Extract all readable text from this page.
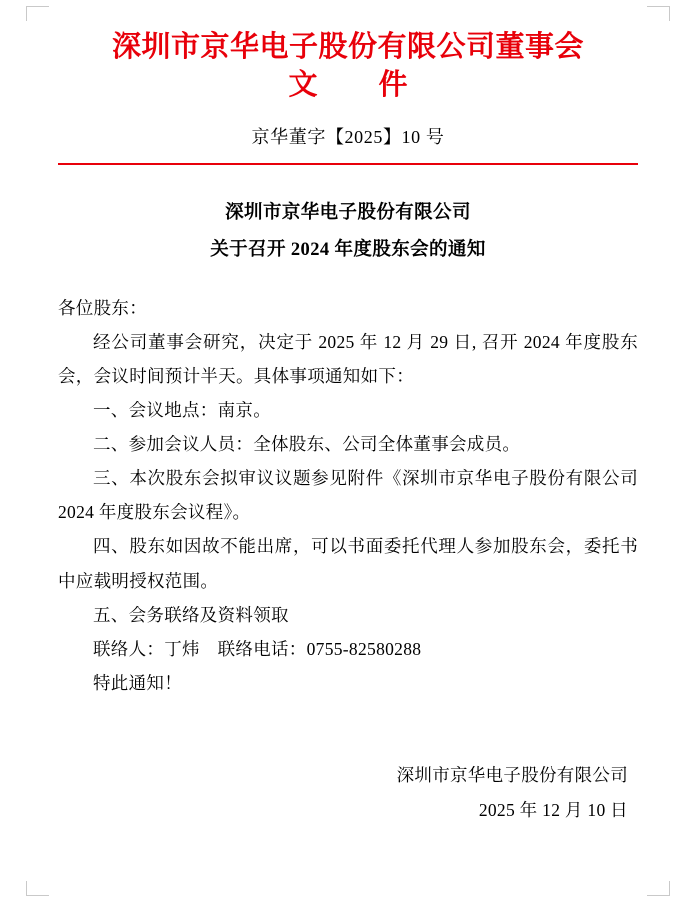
深圳市京华电子股份有限公司董事会
文　件
京华董字【2025】10 号
深圳市京华电子股份有限公司
关于召开 2024 年度股东会的通知

各位股东：

经公司董事会研究，决定于 2025 年 12 月 29 日, 召开 2024 年度股东会，会议时间预计半天。具体事项通知如下：

一、会议地点：南京。

二、参加会议人员：全体股东、公司全体董事会成员。

三、本次股东会拟审议议题参见附件《深圳市京华电子股份有限公司 2024 年度股东会议程》。

四、股东如因故不能出席，可以书面委托代理人参加股东会，委托书中应载明授权范围。

五、会务联络及资料领取

联络人：丁炜　联络电话：0755-82580288

特此通知！

深圳市京华电子股份有限公司
2025 年 12 月 10 日
